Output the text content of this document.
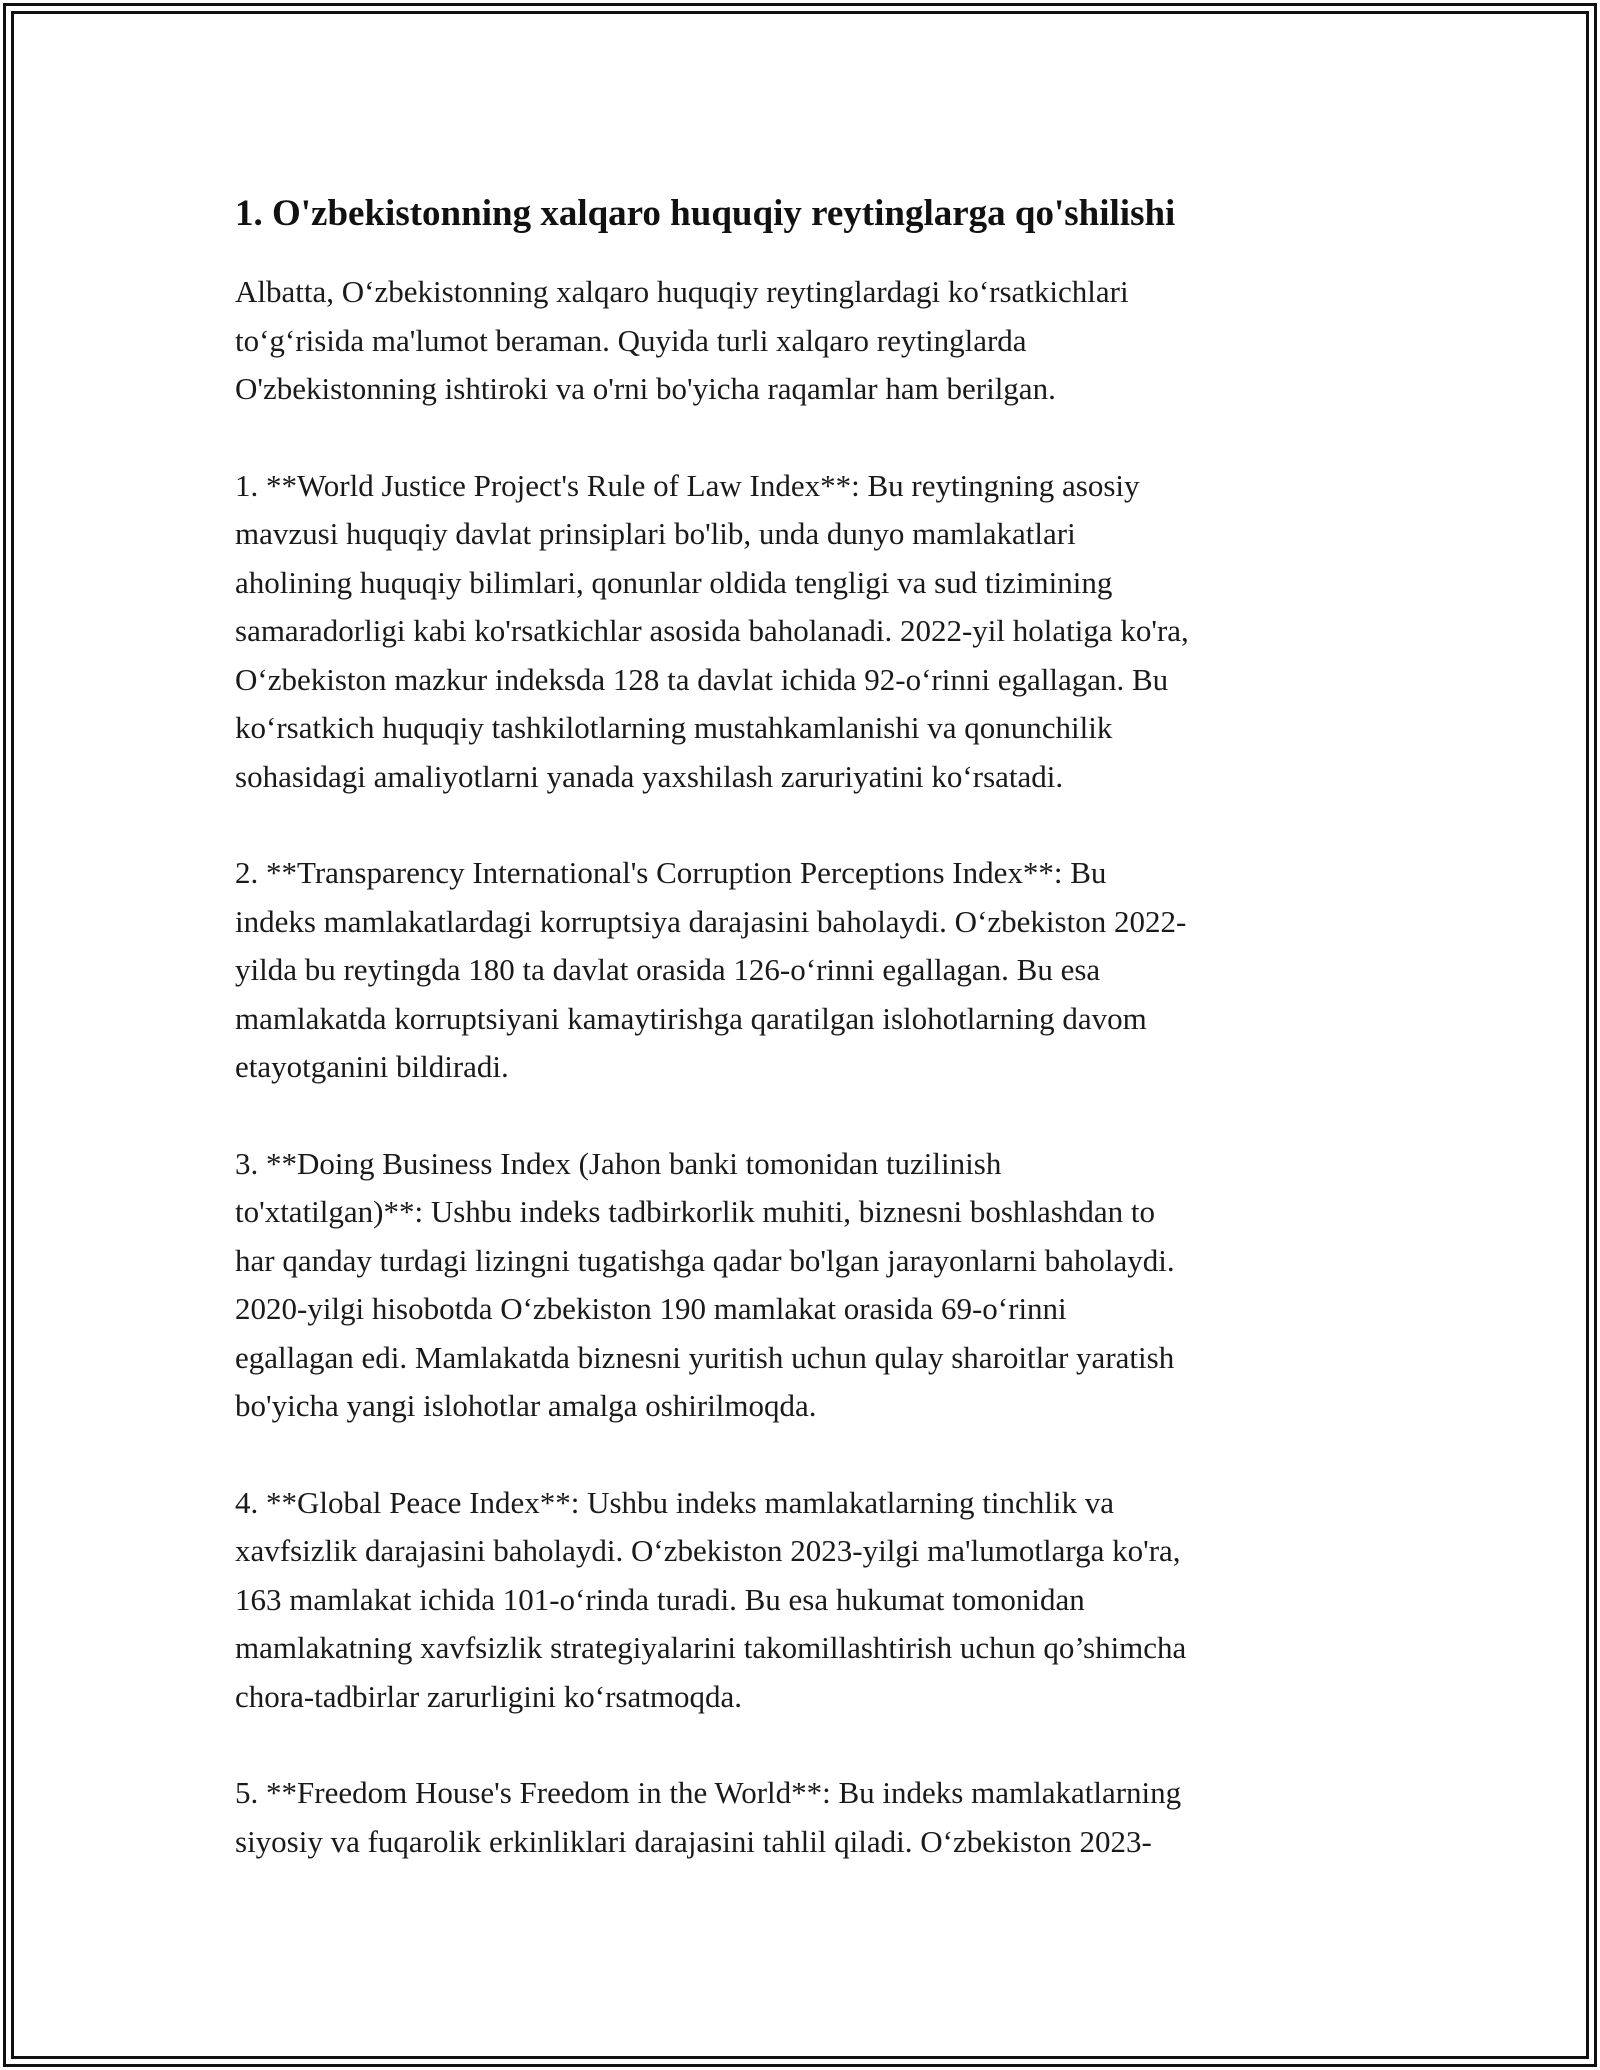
1. O'zbekistonning xalqaro huquqiy reytinglarga qo'shilishi

Albatta, O‘zbekistonning xalqaro huquqiy reytinglardagi ko‘rsatkichlari
to‘g‘risida ma'lumot beraman. Quyida turli xalqaro reytinglarda
O'zbekistonning ishtiroki va o'rni bo'yicha raqamlar ham berilgan.

1. **World Justice Project's Rule of Law Index**: Bu reytingning asosiy
mavzusi huquqiy davlat prinsiplari bo'lib, unda dunyo mamlakatlari
aholining huquqiy bilimlari, qonunlar oldida tengligi va sud tizimining
samaradorligi kabi ko'rsatkichlar asosida baholanadi. 2022-yil holatiga ko'ra,
O‘zbekiston mazkur indeksda 128 ta davlat ichida 92-o‘rinni egallagan. Bu
ko‘rsatkich huquqiy tashkilotlarning mustahkamlanishi va qonunchilik
sohasidagi amaliyotlarni yanada yaxshilash zaruriyatini ko‘rsatadi.

2. **Transparency International's Corruption Perceptions Index**: Bu
indeks mamlakatlardagi korruptsiya darajasini baholaydi. O‘zbekiston 2022-
yilda bu reytingda 180 ta davlat orasida 126-o‘rinni egallagan. Bu esa
mamlakatda korruptsiyani kamaytirishga qaratilgan islohotlarning davom
etayotganini bildiradi.

3. **Doing Business Index (Jahon banki tomonidan tuzilinish
to'xtatilgan)**: Ushbu indeks tadbirkorlik muhiti, biznesni boshlashdan to
har qanday turdagi lizingni tugatishga qadar bo'lgan jarayonlarni baholaydi.
2020-yilgi hisobotda O‘zbekiston 190 mamlakat orasida 69-o‘rinni
egallagan edi. Mamlakatda biznesni yuritish uchun qulay sharoitlar yaratish
bo'yicha yangi islohotlar amalga oshirilmoqda.

4. **Global Peace Index**: Ushbu indeks mamlakatlarning tinchlik va
xavfsizlik darajasini baholaydi. O‘zbekiston 2023-yilgi ma'lumotlarga ko'ra,
163 mamlakat ichida 101-o‘rinda turadi. Bu esa hukumat tomonidan
mamlakatning xavfsizlik strategiyalarini takomillashtirish uchun qo’shimcha
chora-tadbirlar zarurligini ko‘rsatmoqda.

5. **Freedom House's Freedom in the World**: Bu indeks mamlakatlarning
siyosiy va fuqarolik erkinliklari darajasini tahlil qiladi. O‘zbekiston 2023-
